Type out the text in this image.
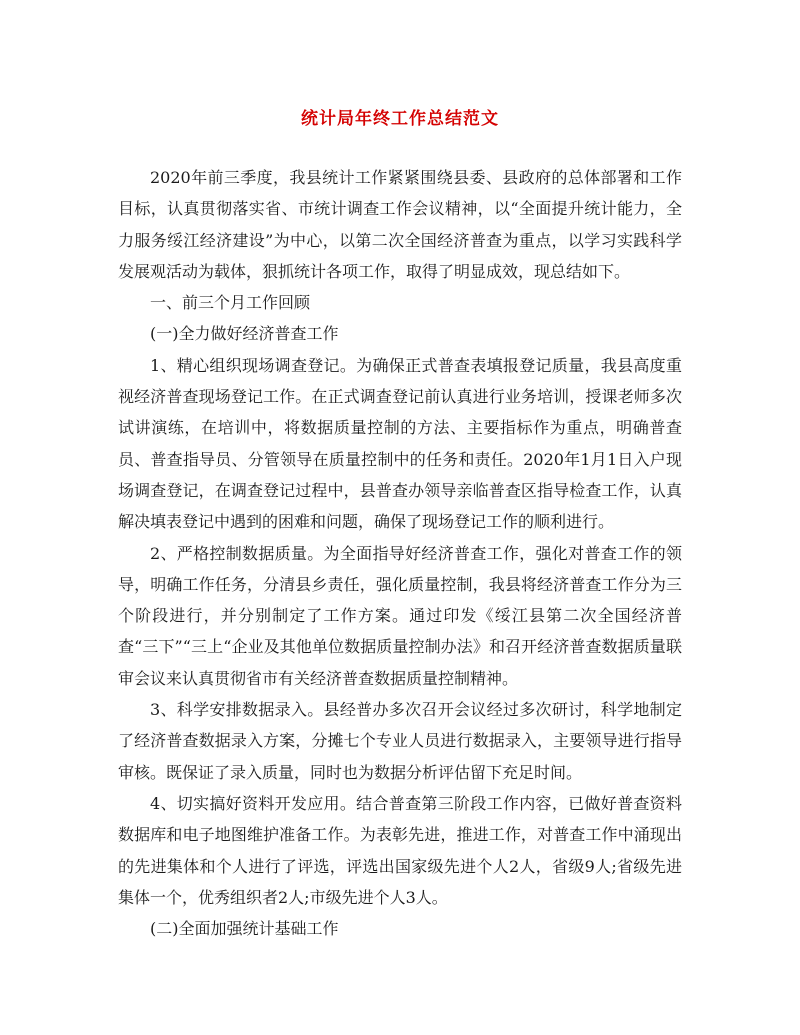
统计局年终工作总结范文

2020年前三季度，我县统计工作紧紧围绕县委、县政府的总体部署和工作目标，认真贯彻落实省、市统计调查工作会议精神，以“全面提升统计能力，全力服务绥江经济建设”为中心，以第二次全国经济普查为重点，以学习实践科学发展观活动为载体，狠抓统计各项工作，取得了明显成效，现总结如下。

一、前三个月工作回顾

(一)全力做好经济普查工作

1、精心组织现场调查登记。为确保正式普查表填报登记质量，我县高度重视经济普查现场登记工作。在正式调查登记前认真进行业务培训，授课老师多次试讲演练，在培训中，将数据质量控制的方法、主要指标作为重点，明确普查员、普查指导员、分管领导在质量控制中的任务和责任。2020年1月1日入户现场调查登记，在调查登记过程中，县普查办领导亲临普查区指导检查工作，认真解决填表登记中遇到的困难和问题，确保了现场登记工作的顺利进行。

2、严格控制数据质量。为全面指导好经济普查工作，强化对普查工作的领导，明确工作任务，分清县乡责任，强化质量控制，我县将经济普查工作分为三个阶段进行，并分别制定了工作方案。通过印发《绥江县第二次全国经济普查“三下”“三上“企业及其他单位数据质量控制办法》和召开经济普查数据质量联审会议来认真贯彻省市有关经济普查数据质量控制精神。

3、科学安排数据录入。县经普办多次召开会议经过多次研讨，科学地制定了经济普查数据录入方案，分摊七个专业人员进行数据录入，主要领导进行指导审核。既保证了录入质量，同时也为数据分析评估留下充足时间。

4、切实搞好资料开发应用。结合普查第三阶段工作内容，已做好普查资料数据库和电子地图维护准备工作。为表彰先进，推进工作，对普查工作中涌现出的先进集体和个人进行了评选，评选出国家级先进个人2人，省级9人;省级先进集体一个，优秀组织者2人;市级先进个人3人。

(二)全面加强统计基础工作
